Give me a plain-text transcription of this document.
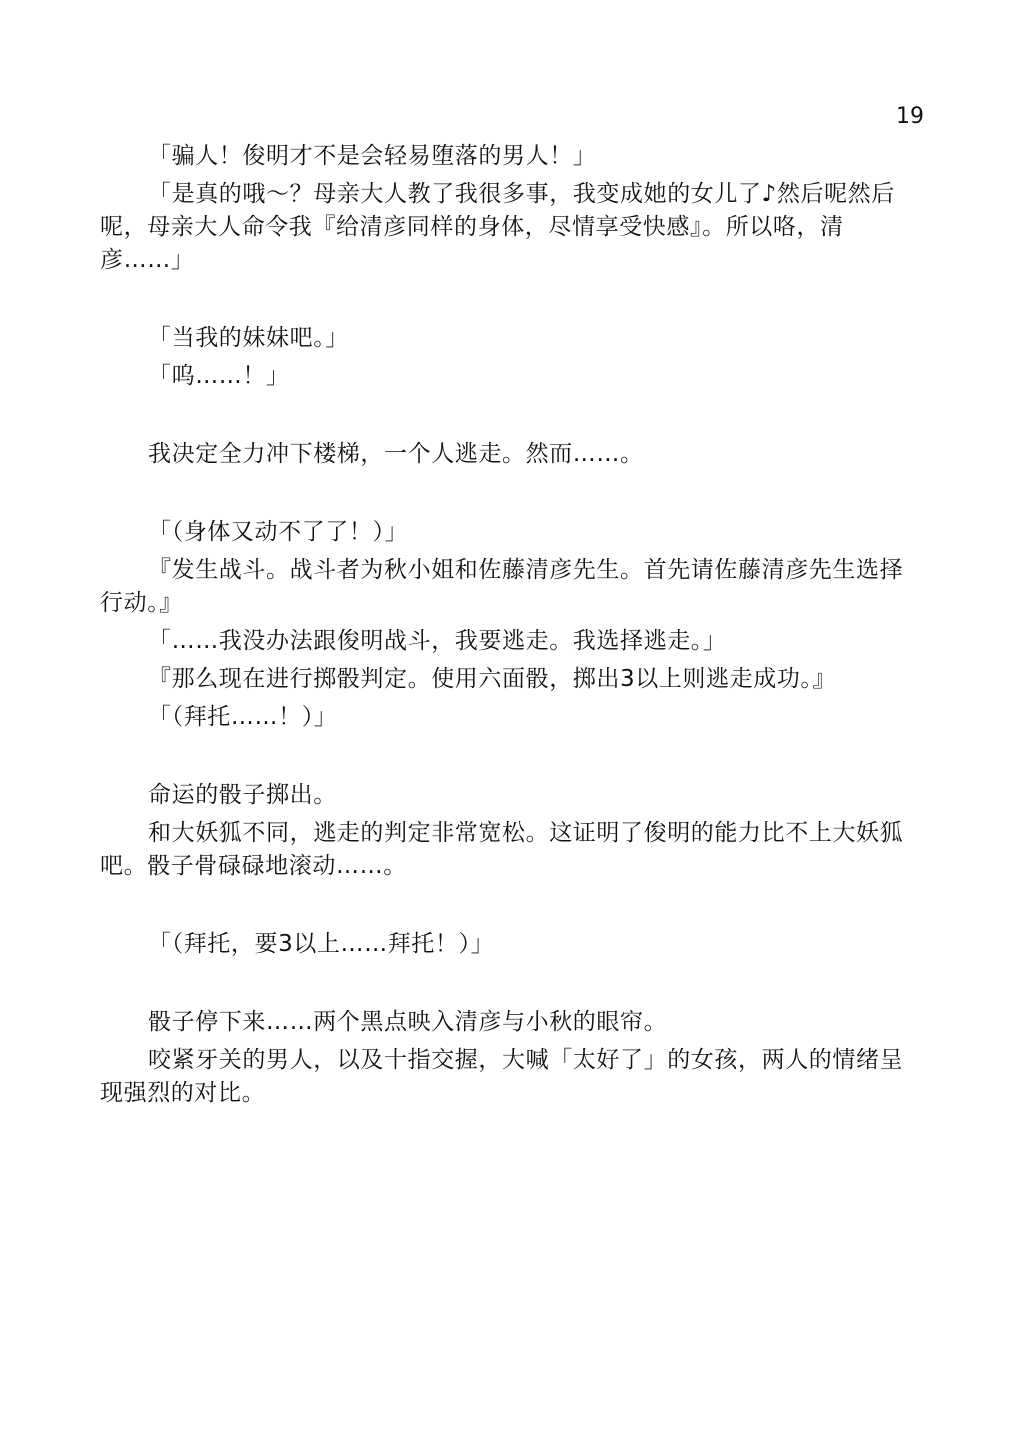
19

「骗人！俊明才不是会轻易堕落的男人！」

「是真的哦～？母亲大人教了我很多事，我变成她的女儿了♪然后呢然后呢，母亲大人命令我『给清彦同样的身体，尽情享受快感』。所以咯，清彦……」

「当我的妹妹吧。」

「呜……！」

我决定全力冲下楼梯，一个人逃走。然而……。

「（身体又动不了了！）」

『发生战斗。战斗者为秋小姐和佐藤清彦先生。首先请佐藤清彦先生选择行动。』

「……我没办法跟俊明战斗，我要逃走。我选择逃走。」

『那么现在进行掷骰判定。使用六面骰，掷出3以上则逃走成功。』

「（拜托……！）」

命运的骰子掷出。

和大妖狐不同，逃走的判定非常宽松。这证明了俊明的能力比不上大妖狐吧。骰子骨碌碌地滚动……。

「（拜托，要3以上……拜托！）」

骰子停下来……两个黑点映入清彦与小秋的眼帘。

咬紧牙关的男人，以及十指交握，大喊「太好了」的女孩，两人的情绪呈现强烈的对比。
